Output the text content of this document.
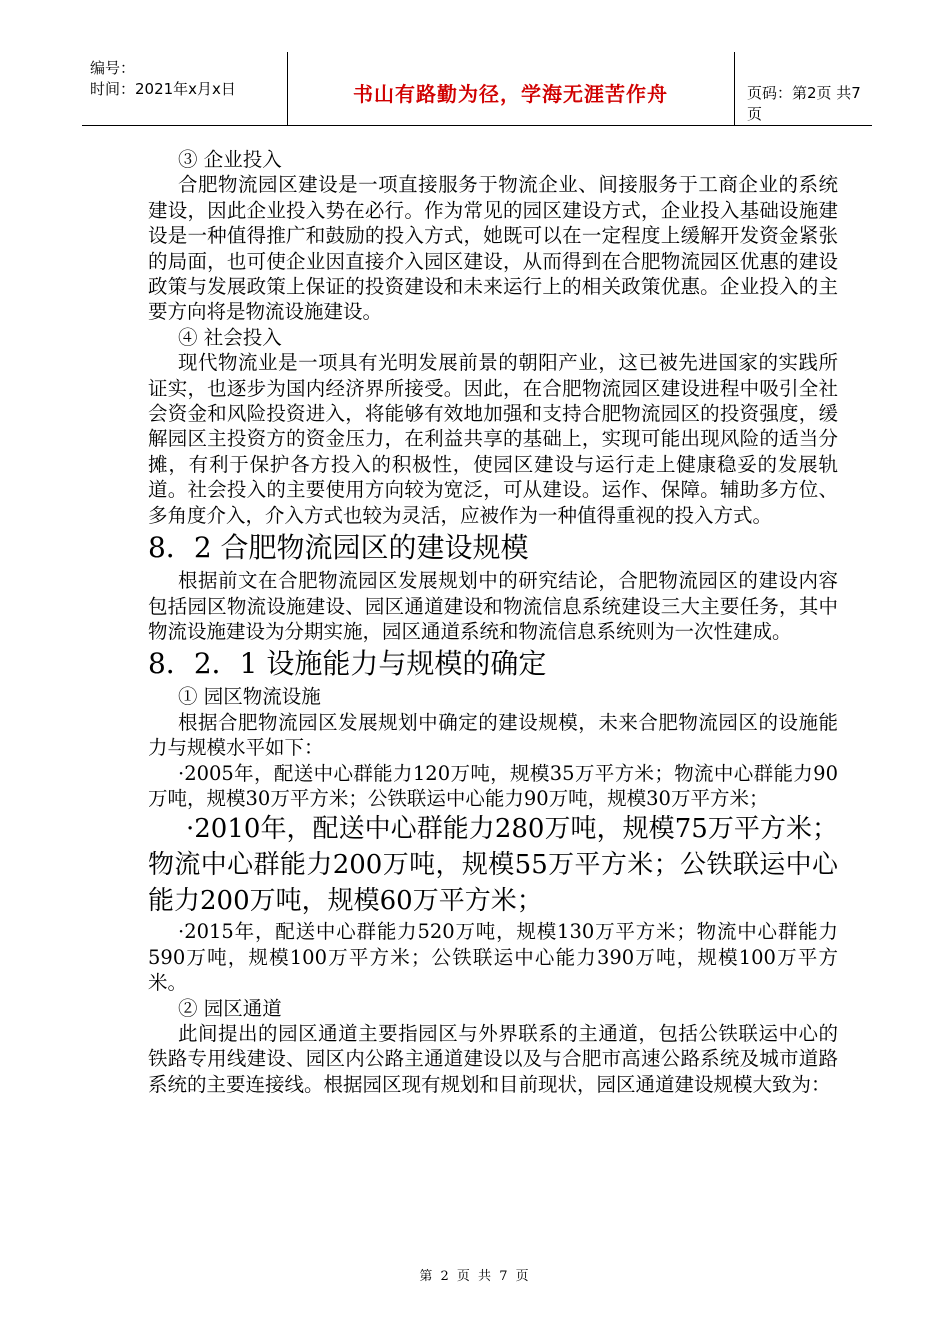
编号：
时间：2021年x月x日	书山有路勤为径，学海无涯苦作舟	页码：第2页 共7页

③ 企业投入

合肥物流园区建设是一项直接服务于物流企业、间接服务于工商企业的系统建设，因此企业投入势在必行。作为常见的园区建设方式，企业投入基础设施建设是一种值得推广和鼓励的投入方式，她既可以在一定程度上缓解开发资金紧张的局面，也可使企业因直接介入园区建设，从而得到在合肥物流园区优惠的建设政策与发展政策上保证的投资建设和未来运行上的相关政策优惠。企业投入的主要方向将是物流设施建设。

④ 社会投入

现代物流业是一项具有光明发展前景的朝阳产业，这已被先进国家的实践所证实，也逐步为国内经济界所接受。因此，在合肥物流园区建设进程中吸引全社会资金和风险投资进入，将能够有效地加强和支持合肥物流园区的投资强度，缓解园区主投资方的资金压力，在利益共享的基础上，实现可能出现风险的适当分摊，有利于保护各方投入的积极性，使园区建设与运行走上健康稳妥的发展轨道。社会投入的主要使用方向较为宽泛，可从建设。运作、保障。辅助多方位、多角度介入，介入方式也较为灵活，应被作为一种值得重视的投入方式。

8．2 合肥物流园区的建设规模

根据前文在合肥物流园区发展规划中的研究结论，合肥物流园区的建设内容包括园区物流设施建设、园区通道建设和物流信息系统建设三大主要任务，其中物流设施建设为分期实施，园区通道系统和物流信息系统则为一次性建成。

8．2．1 设施能力与规模的确定

① 园区物流设施

根据合肥物流园区发展规划中确定的建设规模，未来合肥物流园区的设施能力与规模水平如下：

·2005年，配送中心群能力120万吨，规模35万平方米；物流中心群能力90万吨，规模30万平方米；公铁联运中心能力90万吨，规模30万平方米；

·2010年，配送中心群能力280万吨，规模75万平方米；物流中心群能力200万吨，规模55万平方米；公铁联运中心能力200万吨，规模60万平方米；

·2015年，配送中心群能力520万吨，规模130万平方米；物流中心群能力590万吨，规模100万平方米；公铁联运中心能力390万吨，规模100万平方米。

② 园区通道

此间提出的园区通道主要指园区与外界联系的主通道，包括公铁联运中心的铁路专用线建设、园区内公路主通道建设以及与合肥市高速公路系统及城市道路系统的主要连接线。根据园区现有规划和目前现状，园区通道建设规模大致为：

第 2 页 共 7 页
